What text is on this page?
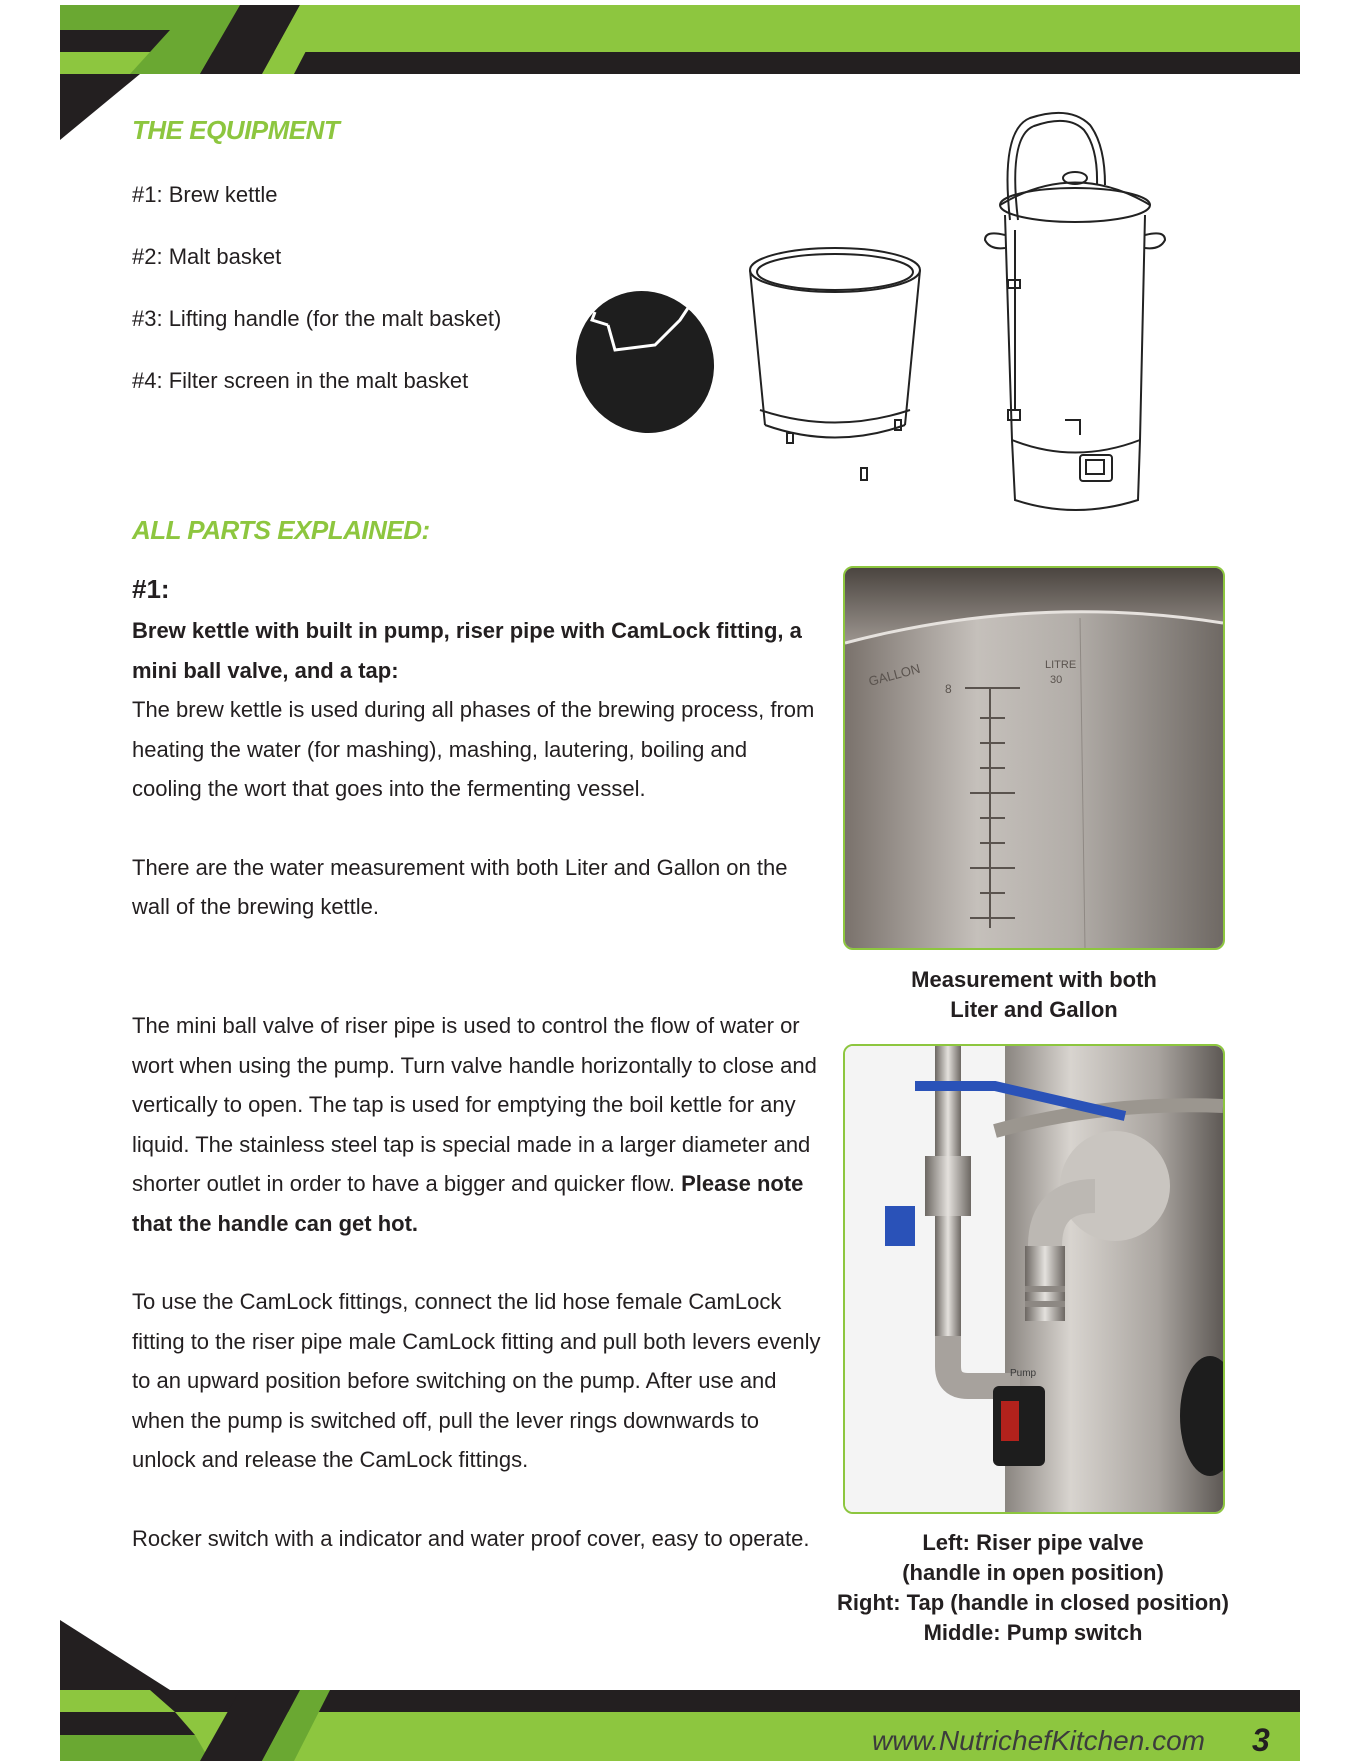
THE EQUIPMENT
#1: Brew kettle
#2: Malt basket
#3: Lifting handle (for the malt basket)
#4: Filter screen in the malt basket
ALL PARTS EXPLAINED:
#1:

Brew kettle with built in pump, riser pipe with CamLock fitting, a mini ball valve, and a tap:

The brew kettle is used during all phases of the brewing process, from heating the water (for mashing), mashing, lautering, boiling and cooling the wort that goes into the fermenting vessel.

There are the water measurement with both Liter and Gallon on the wall of the brewing kettle.

The mini ball valve of riser pipe is used to control the flow of water or wort when using the pump. Turn valve handle horizontally to close and vertically to open. The tap is used for emptying the boil kettle for any liquid. The stainless steel tap is special made in a larger diameter and shorter outlet in order to have a bigger and quicker flow. Please note that the handle can get hot.

To use the CamLock fittings, connect the lid hose female CamLock fitting to the riser pipe male CamLock fitting and pull both levers evenly to an upward position before switching on the pump. After use and when the pump is switched off, pull the lever rings downwards to unlock and release the CamLock fittings.

Rocker switch with a indicator and water proof cover, easy to operate.

GALLON	LITRE
8
30
Measurement with both
Liter and Gallon
Pump
Left: Riser pipe valve
(handle in open position)
Right: Tap (handle in closed position)
Middle: Pump switch
www.NutrichefKitchen.com 3
